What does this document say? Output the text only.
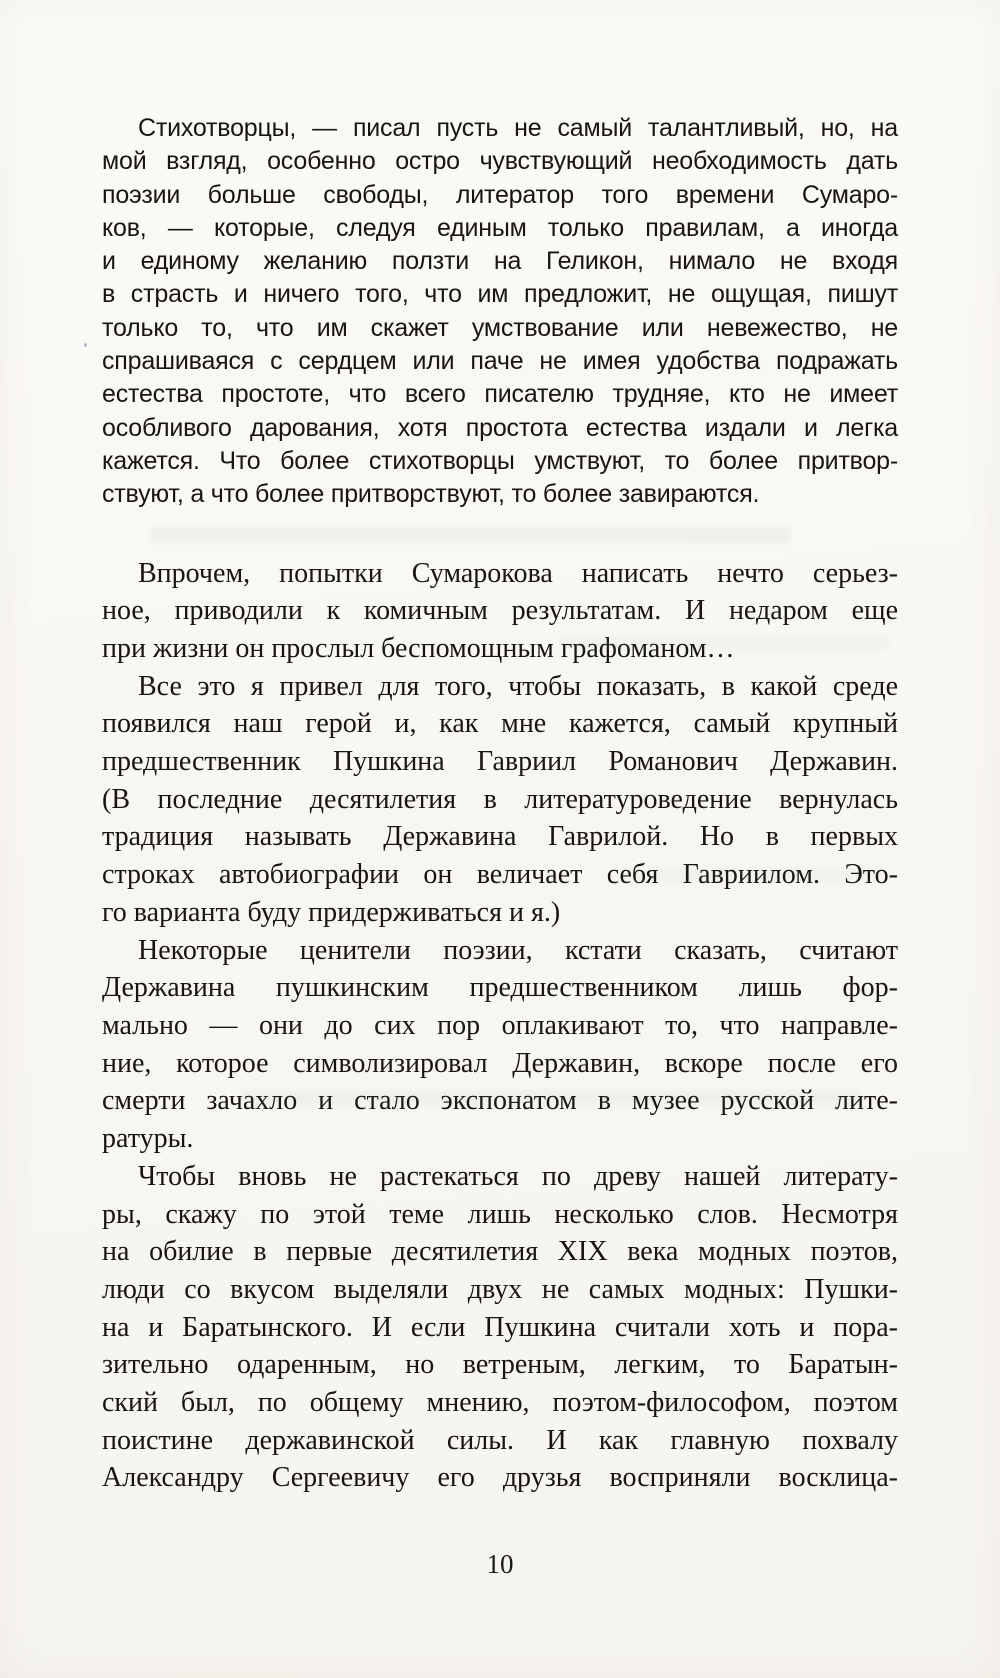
Стихотворцы, — писал пусть не самый талантливый, но, на
мой взгляд, особенно остро чувствующий необходимость дать
поэзии больше свободы, литератор того времени Сумаро-
ков, — которые, следуя единым только правилам, а иногда
и единому желанию ползти на Геликон, нимало не входя
в страсть и ничего того, что им предложит, не ощущая, пишут
только то, что им скажет умствование или невежество, не
спрашиваяся с сердцем или паче не имея удобства подражать
естества простоте, что всего писателю трудняе, кто не имеет
особливого дарования, хотя простота естества издали и легка
кажется. Что более стихотворцы умствуют, то более притвор-
ствуют, а что более притворствуют, то более завираются.
Впрочем, попытки Сумарокова написать нечто серьез-
ное, приводили к комичным результатам. И недаром еще
при жизни он прослыл беспомощным графоманом…
Все это я привел для того, чтобы показать, в какой среде
появился наш герой и, как мне кажется, самый крупный
предшественник Пушкина Гавриил Романович Державин.
(В последние десятилетия в литературоведение вернулась
традиция называть Державина Гаврилой. Но в первых
строках автобиографии он величает себя Гавриилом. Это-
го варианта буду придерживаться и я.)
Некоторые ценители поэзии, кстати сказать, считают
Державина пушкинским предшественником лишь фор-
мально — они до сих пор оплакивают то, что направле-
ние, которое символизировал Державин, вскоре после его
смерти зачахло и стало экспонатом в музее русской лите-
ратуры.
Чтобы вновь не растекаться по древу нашей литерату-
ры, скажу по этой теме лишь несколько слов. Несмотря
на обилие в первые десятилетия XIX века модных поэтов,
люди со вкусом выделяли двух не самых модных: Пушки-
на и Баратынского. И если Пушкина считали хоть и пора-
зительно одаренным, но ветреным, легким, то Баратын-
ский был, по общему мнению, поэтом-философом, поэтом
поистине державинской силы. И как главную похвалу
Александру Сергеевичу его друзья восприняли восклица-
10
